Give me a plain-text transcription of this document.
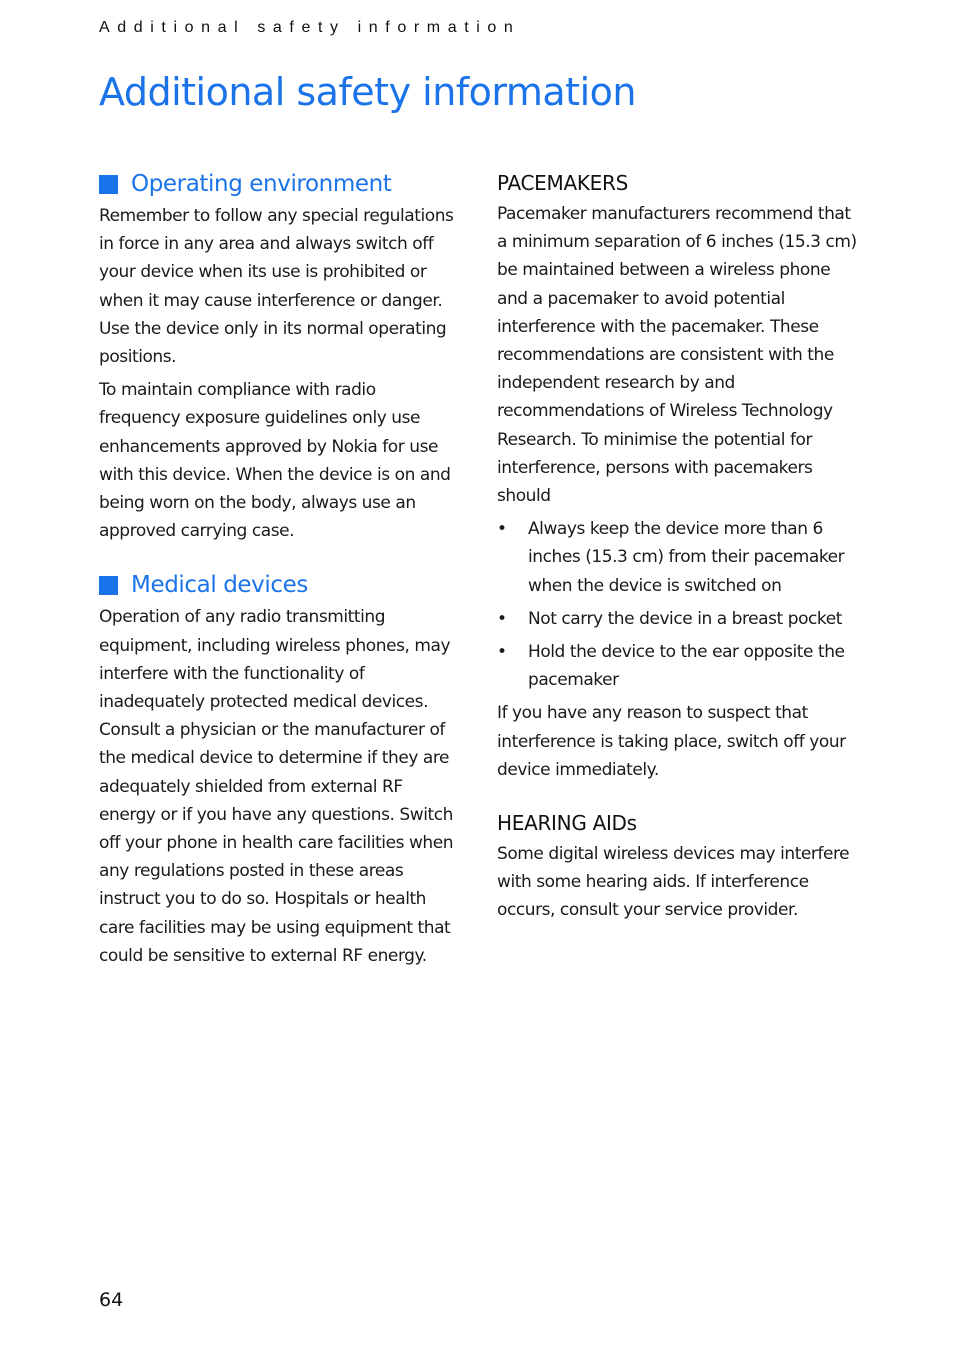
Additional safety information
Additional safety information
Operating environment

Remember to follow any special regulations in force in any area and always switch off your device when its use is prohibited or when it may cause interference or danger. Use the device only in its normal operating positions.

To maintain compliance with radio frequency exposure guidelines only use enhancements approved by Nokia for use with this device. When the device is on and being worn on the body, always use an approved carrying case.

Medical devices

Operation of any radio transmitting equipment, including wireless phones, may interfere with the functionality of inadequately protected medical devices. Consult a physician or the manufacturer of the medical device to determine if they are adequately shielded from external RF energy or if you have any questions. Switch off your phone in health care facilities when any regulations posted in these areas instruct you to do so. Hospitals or health care facilities may be using equipment that could be sensitive to external RF energy.

PACEMAKERS

Pacemaker manufacturers recommend that a minimum separation of 6 inches (15.3 cm) be maintained between a wireless phone and a pacemaker to avoid potential interference with the pacemaker. These recommendations are consistent with the independent research by and recommendations of Wireless Technology Research. To minimise the potential for interference, persons with pacemakers should

• Always keep the device more than 6 inches (15.3 cm) from their pacemaker when the device is switched on
• Not carry the device in a breast pocket
• Hold the device to the ear opposite the pacemaker

If you have any reason to suspect that interference is taking place, switch off your device immediately.

HEARING AIDs

Some digital wireless devices may interfere with some hearing aids. If interference occurs, consult your service provider.

64
